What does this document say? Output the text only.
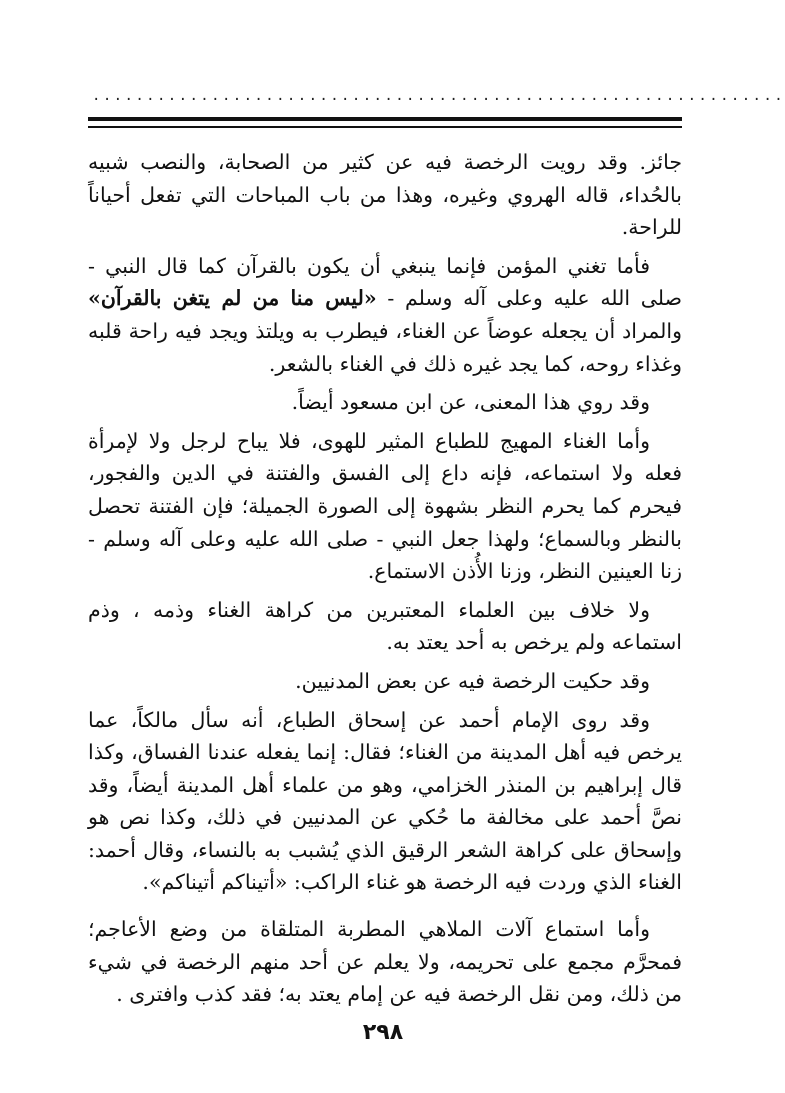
................................................................

جائز. وقد رويت الرخصة فيه عن كثير من الصحابة، والنصب شبيه بالحُداء، قاله الهروي وغيره، وهذا من باب المباحات التي تفعل أحياناً للراحة.

فأما تغني المؤمن فإنما ينبغي أن يكون بالقرآن كما قال النبي - صلى الله عليه وعلى آله وسلم - «ليس منا من لم يتغن بالقرآن» والمراد أن يجعله عوضاً عن الغناء، فيطرب به ويلتذ ويجد فيه راحة قلبه وغذاء روحه، كما يجد غيره ذلك في الغناء بالشعر.

وقد روي هذا المعنى، عن ابن مسعود أيضاً.

وأما الغناء المهيج للطباع المثير للهوى، فلا يباح لرجل ولا لإمرأة فعله ولا استماعه، فإنه داع إلى الفسق والفتنة في الدين والفجور، فيحرم كما يحرم النظر بشهوة إلى الصورة الجميلة؛ فإن الفتنة تحصل بالنظر وبالسماع؛ ولهذا جعل النبي - صلى الله عليه وعلى آله وسلم - زنا العينين النظر، وزنا الأُذن الاستماع.

ولا خلاف بين العلماء المعتبرين من كراهة الغناء وذمه ، وذم استماعه ولم يرخص به أحد يعتد به.

وقد حكيت الرخصة فيه عن بعض المدنيين.

وقد روى الإمام أحمد عن إسحاق الطباع، أنه سأل مالكاً، عما يرخص فيه أهل المدينة من الغناء؛ فقال: إنما يفعله عندنا الفساق، وكذا قال إبراهيم بن المنذر الخزامي، وهو من علماء أهل المدينة أيضاً، وقد نصَّ أحمد على مخالفة ما حُكي عن المدنيين في ذلك، وكذا نص هو وإسحاق على كراهة الشعر الرقيق الذي يُشبب به بالنساء، وقال أحمد: الغناء الذي وردت فيه الرخصة هو غناء الراكب: «أتيناكم أتيناكم».

وأما استماع آلات الملاهي المطربة المتلقاة من وضع الأعاجم؛ فمحرَّم مجمع على تحريمه، ولا يعلم عن أحد منهم الرخصة في شيء من ذلك، ومن نقل الرخصة فيه عن إمام يعتد به؛ فقد كذب وافترى .

٢٩٨
